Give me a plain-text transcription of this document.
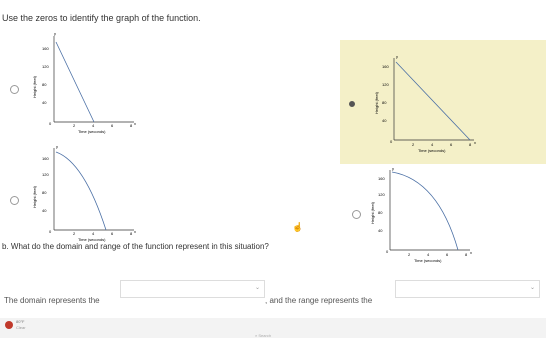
Use the zeros to identify the graph of the function.
y
x
160
120
80
40
0	2	4	6	8
Height (feet)
Time (seconds)
y
x
160
120
80
40
0
2	4	6	8
Height (feet)
Time (seconds)
y
x
160
120
80
40
0	2	4	6	8
Height (feet)
Time (seconds)
y
x
160
120
80
40
0
2	4	6	8
Height (feet)
Time (seconds)
☝
b. What do the domain and range of the function represent in this situation?
The domain represents the
⌄
, and the range represents the
⌄
80°F
Clear
⌕ Search
